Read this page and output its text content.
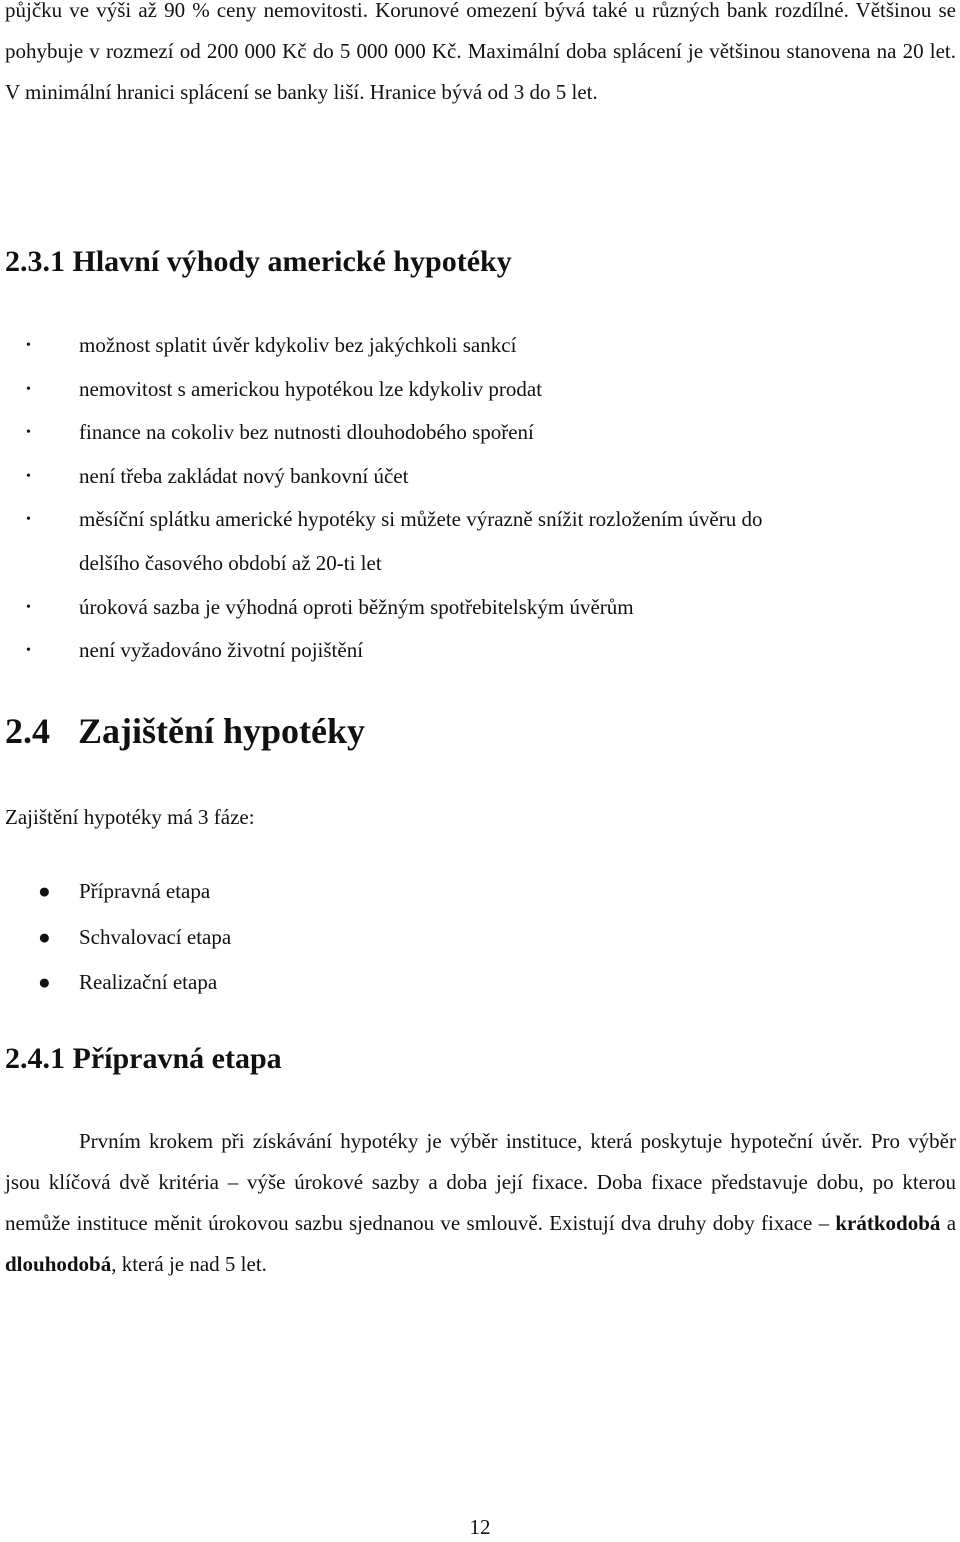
půjčku ve výši až 90 % ceny nemovitosti. Korunové omezení bývá také u různých bank rozdílné. Většinou se pohybuje v rozmezí od 200 000 Kč do 5 000 000 Kč. Maximální doba splácení je většinou stanovena na 20 let. V minimální hranici splácení se banky liší. Hranice bývá od 3 do 5 let.

2.3.1 Hlavní výhody americké hypotéky
• možnost splatit úvěr kdykoliv bez jakýchkoli sankcí
• nemovitost s americkou hypotékou lze kdykoliv prodat
• finance na cokoliv bez nutnosti dlouhodobého spoření
• není třeba zakládat nový bankovní účet
• měsíční splátku americké hypotéky si můžete výrazně snížit rozložením úvěru do
delšího časového období až 20-ti let
• úroková sazba je výhodná oproti běžným spotřebitelským úvěrům
• není vyžadováno životní pojištění
2.4 Zajištění hypotéky

Zajištění hypotéky má 3 fáze:

● Přípravná etapa
● Schvalovací etapa
● Realizační etapa
2.4.1 Přípravná etapa

Prvním krokem při získávání hypotéky je výběr instituce, která poskytuje hypoteční úvěr. Pro výběr jsou klíčová dvě kritéria – výše úrokové sazby a doba její fixace. Doba fixace představuje dobu, po kterou nemůže instituce měnit úrokovou sazbu sjednanou ve smlouvě. Existují dva druhy doby fixace – krátkodobá a dlouhodobá, která je nad 5 let.

12
